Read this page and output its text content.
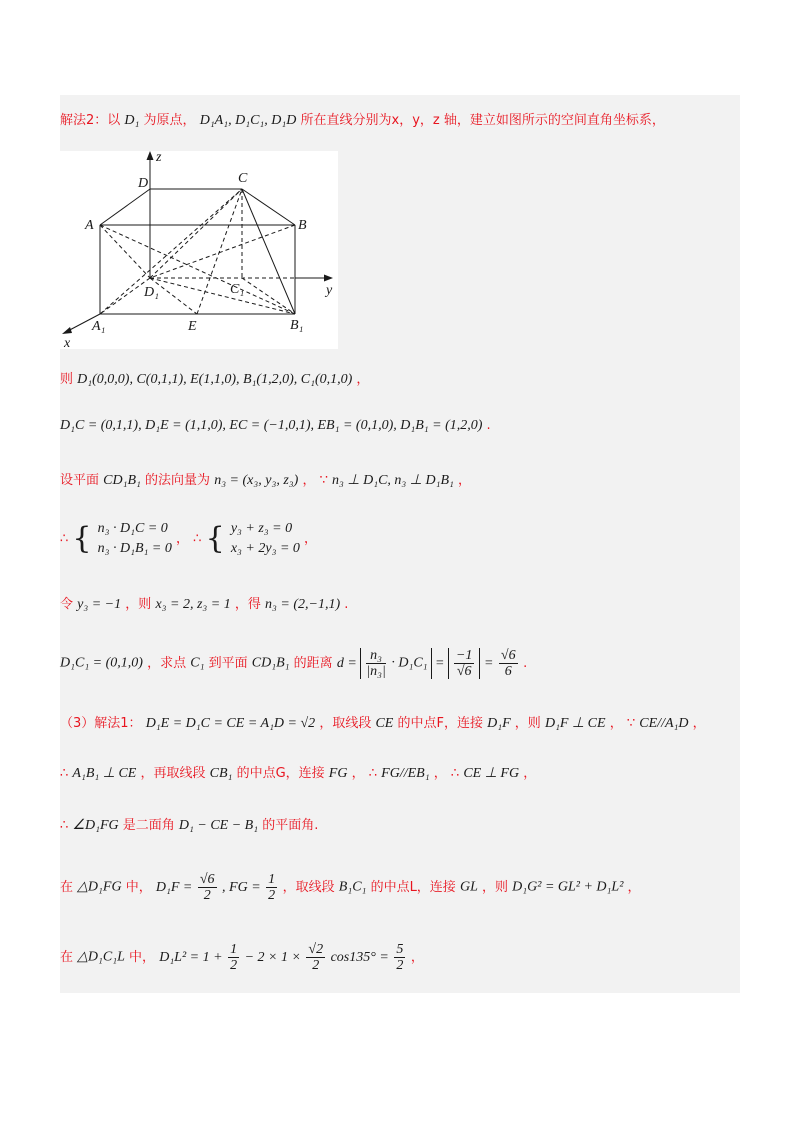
解法2：以 D₁ 为原点， D₁A₁, D₁C₁, D₁D 所在直线分别为x，y，z 轴，建立如图所示的空间直角坐标系，
z
D	C
A	B
D₁	C₁	y
A₁	E	B₁
x
则 D₁(0,0,0), C(0,1,1), E(1,1,0), B₁(1,2,0), C₁(0,1,0) ，
D₁C = (0,1,1), D₁E = (1,1,0), EC = (−1,0,1), EB₁ = (0,1,0), D₁B₁ = (1,2,0) .
设平面 CD₁B₁ 的法向量为 n₃ = (x₃, y₃, z₃) ， ∵ n₃ ⊥ D₁C, n₃ ⊥ D₁B₁ ，
∴ { n₃ · D₁C = 0
n₃ · D₁B₁ = 0
， ∴ { y₃ + z₃ = 0
x₃ + 2y₃ = 0
，
令 y₃ = −1 ，则 x₃ = 2, z₃ = 1 ，得 n₃ = (2,−1,1) .
D₁C₁ = (0,1,0) ，求点 C₁ 到平面 CD₁B₁ 的距离 $d = \frac{\text{n₃}}{\text{|n₃|}} \cdot D_1C_1 = \frac{-1}{√6} = \frac{√6}{6}$ .
（3）解法1： D₁E = D₁C = CE = A₁D = √2 ，取线段 CE 的中点F，连接 D₁F ，则 D₁F ⊥ CE ， ∵ CE//A₁D ，
∴ A₁B₁ ⊥ CE ，再取线段 CB₁ 的中点G，连接 FG ， ∴ FG//EB₁ ， ∴ CE ⊥ FG ，
∴ ∠D₁FG 是二面角 D₁ − CE − B₁ 的平面角.
在 △D₁FG 中， $D_1F = \frac{√6}{2}$ , FG = $\frac{1}{2}$ ，取线段 B₁C₁ 的中点L，连接 GL ，则 D₁G² = GL² + D₁L² ，
在 △D₁C₁L 中， $D_1L^2 = 1 + \frac{1}{2} - 2 \times 1 \times \frac{√2}{2} \cos 135^\circ = \frac{5}{2}$ ，
